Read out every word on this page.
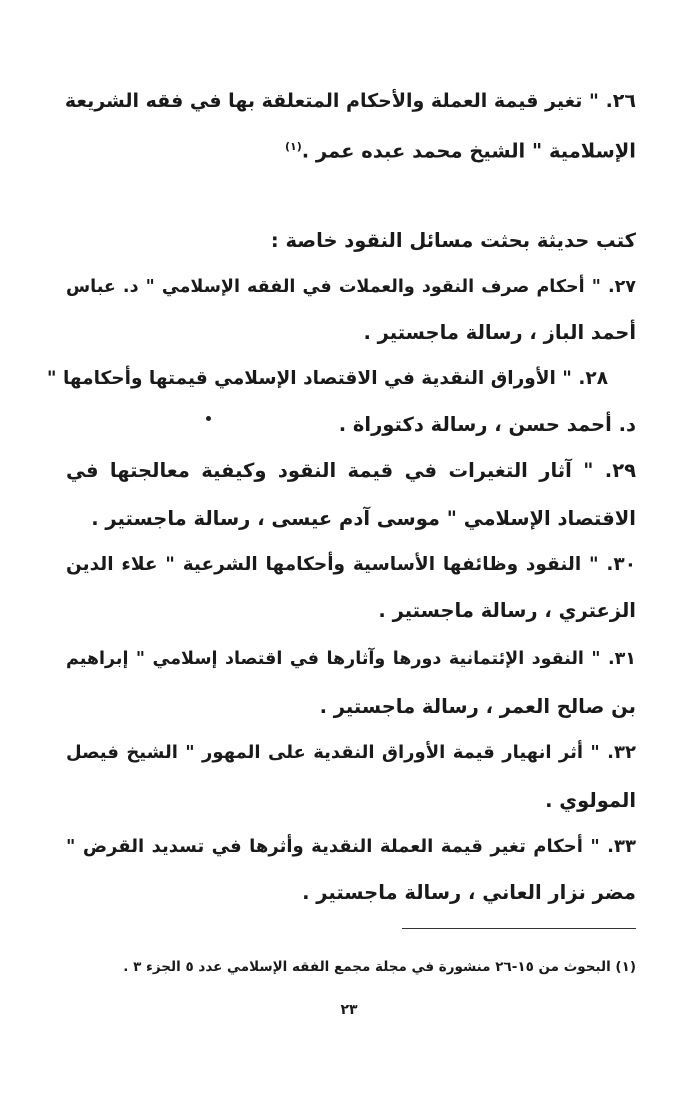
٢٦. " تغير قيمة العملة والأحكام المتعلقة بها في فقه الشريعة

الإسلامية " الشيخ محمد عبده عمر .$^{(١)}$

كتب حديثة بحثت مسائل النقود خاصة :

٢٧. " أحكام صرف النقود والعملات في الفقه الإسلامي " د. عباس

أحمد الباز ، رسالة ماجستير .

٢٨. " الأوراق النقدية في الاقتصاد الإسلامي قيمتها وأحكامها "

د. أحمد حسن ، رسالة دكتوراة .

٢٩. " آثار التغيرات في قيمة النقود وكيفية معالجتها في

الاقتصاد الإسلامي " موسى آدم عيسى ، رسالة ماجستير .

٣٠. " النقود وظائفها الأساسية وأحكامها الشرعية " علاء الدين

الزعتري ، رسالة ماجستير .

٣١. " النقود الإئتمانية دورها وآثارها في اقتصاد إسلامي " إبراهيم

بن صالح العمر ، رسالة ماجستير .

٣٢. " أثر انهيار قيمة الأوراق النقدية على المهور " الشيخ فيصل

المولوي .

٣٣. " أحكام تغير قيمة العملة النقدية وأثرها في تسديد القرض "

مضر نزار العاني ، رسالة ماجستير .

(١) البحوث من ١٥-٢٦ منشورة في مجلة مجمع الفقه الإسلامي عدد ٥ الجزء ٣ .

٢٣
